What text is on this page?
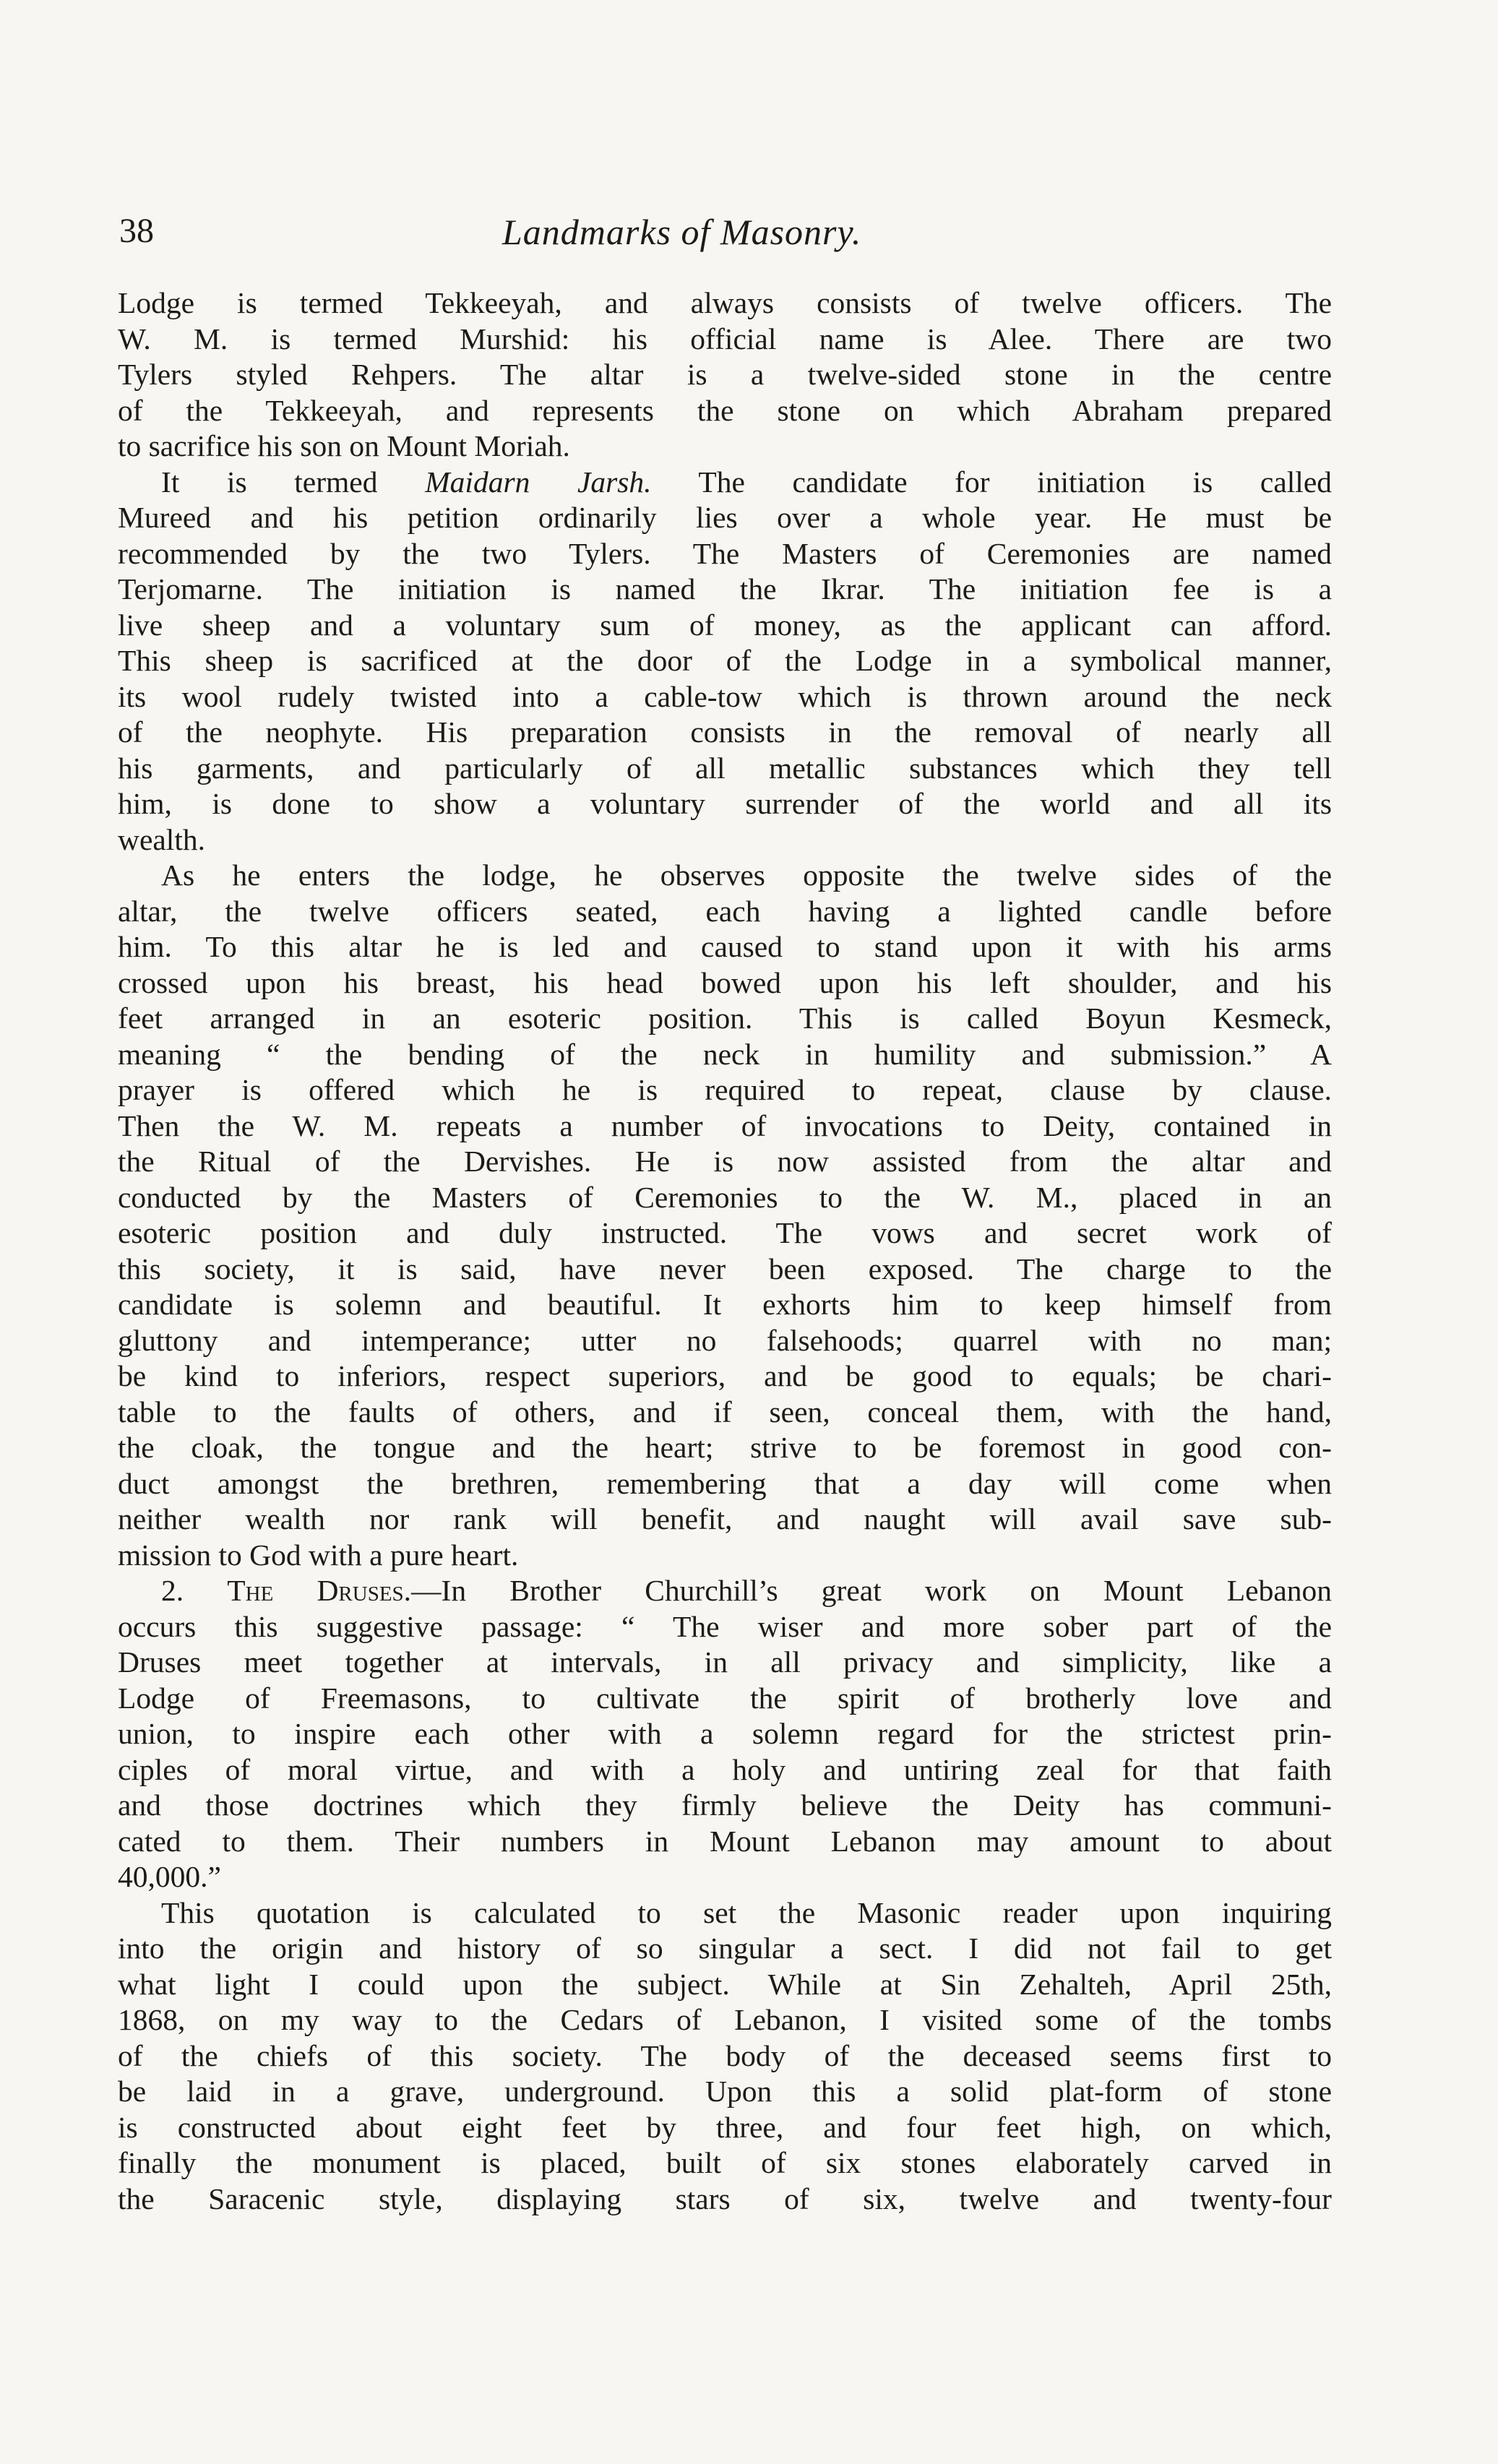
38	Landmarks of Masonry.
Lodge is termed Tekkeeyah, and always consists of twelve officers. The
W. M. is termed Murshid: his official name is Alee. There are two
Tylers styled Rehpers. The altar is a twelve-sided stone in the centre
of the Tekkeeyah, and represents the stone on which Abraham prepared
to sacrifice his son on Mount Moriah.
It is termed Maidarn Jarsh. The candidate for initiation is called
Mureed and his petition ordinarily lies over a whole year. He must be
recommended by the two Tylers. The Masters of Ceremonies are named
Terjomarne. The initiation is named the Ikrar. The initiation fee is a
live sheep and a voluntary sum of money, as the applicant can afford.
This sheep is sacrificed at the door of the Lodge in a symbolical manner,
its wool rudely twisted into a cable-tow which is thrown around the neck
of the neophyte. His preparation consists in the removal of nearly all
his garments, and particularly of all metallic substances which they tell
him, is done to show a voluntary surrender of the world and all its
wealth.
As he enters the lodge, he observes opposite the twelve sides of the
altar, the twelve officers seated, each having a lighted candle before
him. To this altar he is led and caused to stand upon it with his arms
crossed upon his breast, his head bowed upon his left shoulder, and his
feet arranged in an esoteric position. This is called Boyun Kesmeck,
meaning “ the bending of the neck in humility and submission.” A
prayer is offered which he is required to repeat, clause by clause.
Then the W. M. repeats a number of invocations to Deity, contained in
the Ritual of the Dervishes. He is now assisted from the altar and
conducted by the Masters of Ceremonies to the W. M., placed in an
esoteric position and duly instructed. The vows and secret work of
this society, it is said, have never been exposed. The charge to the
candidate is solemn and beautiful. It exhorts him to keep himself from
gluttony and intemperance; utter no falsehoods; quarrel with no man;
be kind to inferiors, respect superiors, and be good to equals; be chari-
table to the faults of others, and if seen, conceal them, with the hand,
the cloak, the tongue and the heart; strive to be foremost in good con-
duct amongst the brethren, remembering that a day will come when
neither wealth nor rank will benefit, and naught will avail save sub-
mission to God with a pure heart.
2. The Druses.—In Brother Churchill’s great work on Mount Lebanon
occurs this suggestive passage: “ The wiser and more sober part of the
Druses meet together at intervals, in all privacy and simplicity, like a
Lodge of Freemasons, to cultivate the spirit of brotherly love and
union, to inspire each other with a solemn regard for the strictest prin-
ciples of moral virtue, and with a holy and untiring zeal for that faith
and those doctrines which they firmly believe the Deity has communi-
cated to them. Their numbers in Mount Lebanon may amount to about
40,000.”
This quotation is calculated to set the Masonic reader upon inquiring
into the origin and history of so singular a sect. I did not fail to get
what light I could upon the subject. While at Sin Zehalteh, April 25th,
1868, on my way to the Cedars of Lebanon, I visited some of the tombs
of the chiefs of this society. The body of the deceased seems first to
be laid in a grave, underground. Upon this a solid plat-form of stone
is constructed about eight feet by three, and four feet high, on which,
finally the monument is placed, built of six stones elaborately carved in
the Saracenic style, displaying stars of six, twelve and twenty-four
